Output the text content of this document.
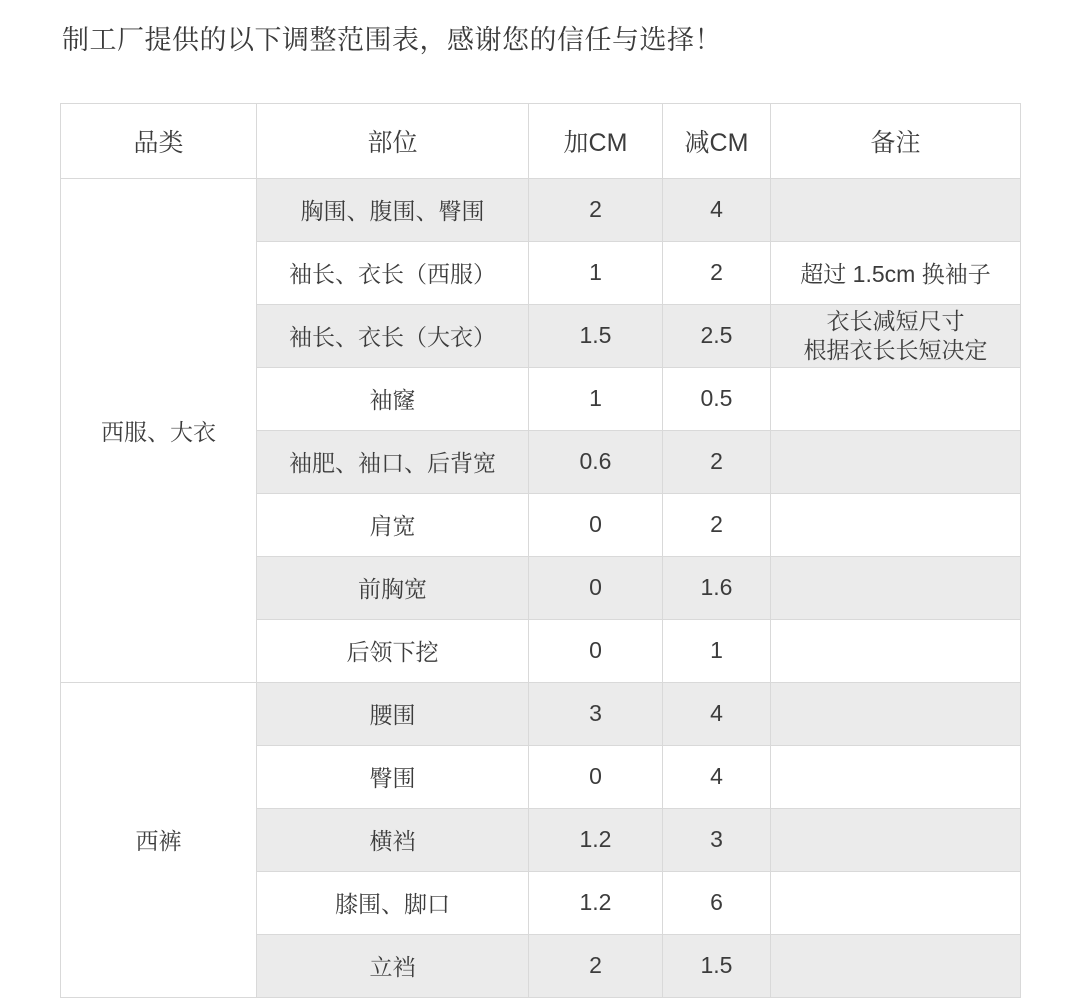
制工厂提供的以下调整范围表，感谢您的信任与选择！
品类	部位	加CM	减CM	备注
西服、大衣	胸围、腹围、臀围	2	4	
	袖长、衣长（西服）	1	2	超过 1.5cm 换袖子
	袖长、衣长（大衣）	1.5	2.5	衣长减短尺寸
根据衣长长短决定

	袖窿	1	0.5	
	袖肥、袖口、后背宽	0.6	2	
	肩宽	0	2	
	前胸宽	0	1.6	
	后领下挖	0	1	
西裤	腰围	3	4	
	臀围	0	4	
	横裆	1.2	3	
	膝围、脚口	1.2	6	
	立裆	2	1.5	
